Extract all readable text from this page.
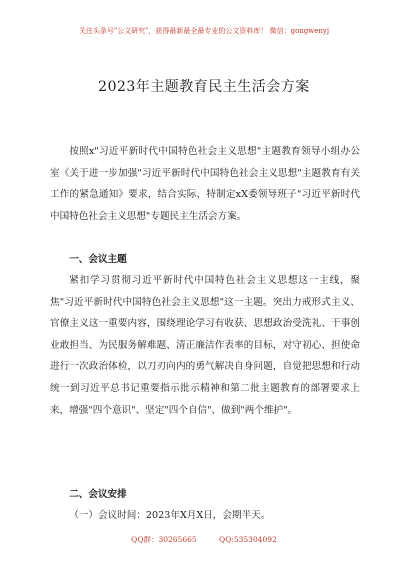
关注头条号"公文研究"，获得最新最全最专业的公文资料库！ 微信：gongwenyj
2023年主题教育民主生活会方案

按照x"习近平新时代中国特色社会主义思想"主题教育领导小组办公室《关于进一步加强"习近平新时代中国特色社会主义思想"主题教育有关工作的紧急通知》要求，结合实际，特制定xX委领导班子"习近平新时代中国特色社会主义思想"专题民主生活会方案。

一、会议主题

紧扣学习贯彻习近平新时代中国特色社会主义思想这一主线，聚焦"习近平新时代中国特色社会主义思想"这一主题。突出力戒形式主义、官僚主义这一重要内容，围绕理论学习有收获、思想政治受洗礼、干事创业敢担当、为民服务解难题、清正廉洁作表率的目标，对守初心、担使命进行一次政治体检，以刀刃向内的勇气解决自身问题，自觉把思想和行动统一到习近平总书记重要指示批示精神和第二批主题教育的部署要求上来，增强"四个意识"、坚定"四个自信"、做到"两个维护"。

二、会议安排

（一）会议时间：2023年X月X日，会期半天。

QQ群：30265665	QQ:535304092
